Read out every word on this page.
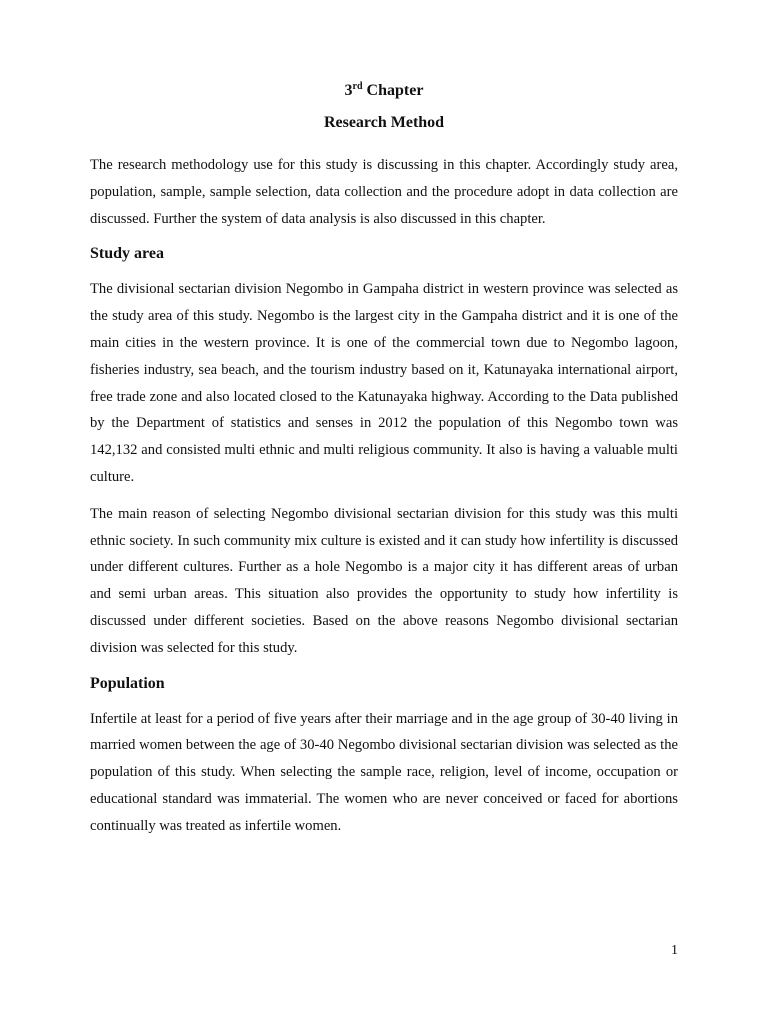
3rd Chapter
Research Method

The research methodology use for this study is discussing in this chapter. Accordingly study area, population, sample, sample selection, data collection and the procedure adopt in data collection are discussed. Further the system of data analysis is also discussed in this chapter.

Study area

The divisional sectarian division Negombo in Gampaha district in western province was selected as the study area of this study. Negombo is the largest city in the Gampaha district and it is one of the main cities in the western province. It is one of the commercial town due to Negombo lagoon, fisheries industry, sea beach, and the tourism industry based on it, Katunayaka international airport, free trade zone and also located closed to the Katunayaka highway. According to the Data published by the Department of statistics and senses in 2012 the population of this Negombo town was 142,132 and consisted multi ethnic and multi religious community. It also is having a valuable multi culture.

The main reason of selecting Negombo divisional sectarian division for this study was this multi ethnic society. In such community mix culture is existed and it can study how infertility is discussed under different cultures. Further as a hole Negombo is a major city it has different areas of urban and semi urban areas. This situation also provides the opportunity to study how infertility is discussed under different societies. Based on the above reasons Negombo divisional sectarian division was selected for this study.

Population

Infertile at least for a period of five years after their marriage and in the age group of 30-40 living in married women between the age of 30-40 Negombo divisional sectarian division was selected as the population of this study. When selecting the sample race, religion, level of income, occupation or educational standard was immaterial. The women who are never conceived or faced for abortions continually was treated as infertile women.

1
